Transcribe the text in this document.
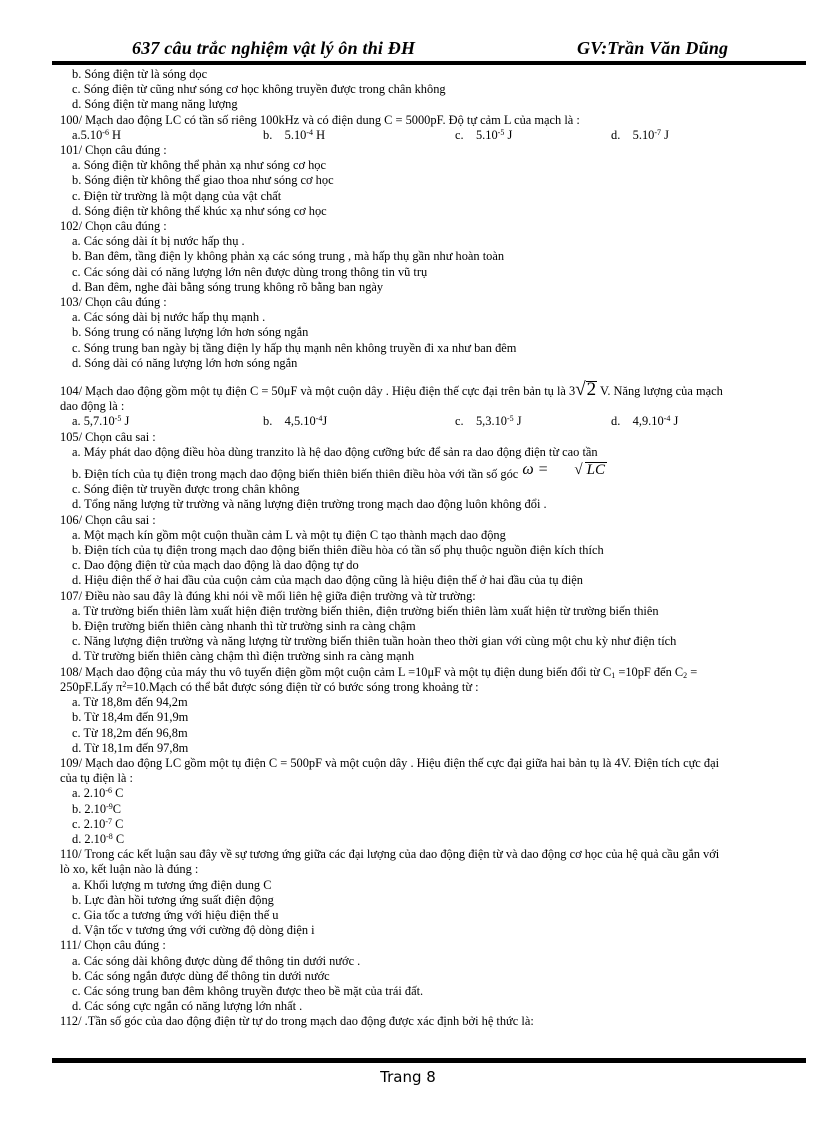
637 câu trắc nghiệm vật lý ôn thi ĐH	GV:Trần Văn Dũng
b. Sóng điện từ là sóng dọc
c. Sóng điện từ cũng như sóng cơ học không truyền được trong chân không
d. Sóng điện từ mang năng lượng
100/ Mạch dao động LC có tần số riêng 100kHz và có điện dung C = 5000pF. Độ tự cảm L của mạch là :
$a.5.10^{-6}$ H	b.    $5.10^{-4}$ H	c.    $5.10^{-5}$ J	d.    $5.10^{-7}$ J
101/ Chọn câu đúng :
a. Sóng điện từ không thể phản xạ như sóng cơ học
b. Sóng điện từ không thể giao thoa như sóng cơ học
c. Điện từ trường là một dạng của vật chất
d. Sóng điện từ không thể khúc xạ như sóng cơ học
102/ Chọn câu đúng :
a. Các sóng dài ít bị nước hấp thụ .
b. Ban đêm, tầng điện ly không phản xạ các sóng trung , mà hấp thụ gần như hoàn toàn
c. Các sóng dài có năng lượng lớn nên được dùng trong thông tin vũ trụ
d. Ban đêm, nghe đài bằng sóng trung không rõ bằng ban ngày
103/ Chọn câu đúng :
a. Các sóng dài bị nước hấp thụ mạnh .
b. Sóng trung có năng lượng lớn hơn sóng ngắn
c. Sóng trung ban ngày bị tầng điện ly hấp thụ mạnh nên không truyền đi xa như ban đêm
d. Sóng dài có năng lượng lớn hơn sóng ngắn
104/ Mạch dao động gồm một tụ điện C = 50μF và một cuộn dây . Hiệu điện thế cực đại trên bản tụ là 3√2 V. Năng lượng của mạch
dao động là :
a. $5,7.10^{-5}$ J	b.    $4,5.10^{-4}J$	c.    $5,3.10^{-5}$ J	d.    $4,9.10^{-4}$ J
105/ Chọn câu sai :
a. Máy phát dao động điều hòa dùng tranzito là hệ dao động cưỡng bức để sản ra dao động điện từ cao tần
b. Điện tích của tụ điện trong mạch dao động biến thiên biến thiên điều hòa với tần số góc ω = √ LC
c. Sóng điện từ truyền được trong chân không
d. Tổng năng lượng từ trường và năng lượng điện trường trong mạch dao động luôn không đổi .
106/ Chọn câu sai :
a. Một mạch kín gồm một cuộn thuần cảm L và một tụ điện C tạo thành mạch dao động
b. Điện tích của tụ điện trong mạch dao động biến thiên điều hòa có tần số phụ thuộc nguồn điện kích thích
c. Dao động điện từ của mạch dao động là dao động tự do
d. Hiệu điện thế ở hai đầu của cuộn cảm của mạch dao động cũng là hiệu điện thế ở hai đầu của tụ điện
107/ Điều nào sau đây là đúng khi nói về mối liên hệ giữa điện trường và từ trường:
a. Từ trường biến thiên làm xuất hiện điện trường biến thiên, điện trường biến thiên làm xuất hiện từ trường biến thiên
b. Điện trường biến thiên càng nhanh thì từ trường sinh ra càng chậm
c. Năng lượng điện trường và năng lượng từ trường biến thiên tuần hoàn theo thời gian với cùng một chu kỳ như điện tích
d. Từ trường biến thiên càng chậm thì điện trường sinh ra càng mạnh
108/ Mạch dao động của máy thu vô tuyến điện gồm một cuộn cảm L =10μF và một tụ điện dung biến đổi từ $C_1 =10pF$ đến $C_2$ =
250pF.Lấy $\pi^2=10.Mạch$ có thể bắt được sóng điện từ có bước sóng trong khoảng từ :
a. Từ 18,8m đến 94,2m
b. Từ 18,4m đến 91,9m
c. Từ 18,2m đến 96,8m
d. Từ 18,1m đến 97,8m
109/ Mạch dao động LC gồm một tụ điện C = 500pF và một cuộn dây . Hiệu điện thế cực đại giữa hai bản tụ là 4V. Điện tích cực đại
của tụ điện là :
a. $2.10^{-6}$ C
b. $2.10^{-9}C$
c. $2.10^{-7}$ C
d. $2.10^{-8}$ C
110/ Trong các kết luận sau đây về sự tương ứng giữa các đại lượng của dao động điện từ và dao động cơ học của hệ quả cầu gắn với
lò xo, kết luận nào là đúng :
a. Khối lượng m tương ứng điện dung C
b. Lực đàn hồi tương ứng suất điện động
c. Gia tốc a tương ứng với hiệu điện thế u
d. Vận tốc v tương ứng với cường độ dòng điện i
111/ Chọn câu đúng :
a. Các sóng dài không được dùng để thông tin dưới nước .
b. Các sóng ngắn được dùng để thông tin dưới nước
c. Các sóng trung ban đêm không truyền được theo bề mặt của trái đất.
d. Các sóng cực ngắn có năng lượng lớn nhất .
112/ .Tần số góc của dao động điện từ tự do trong mạch dao động được xác định bởi hệ thức là:
Trang 8
